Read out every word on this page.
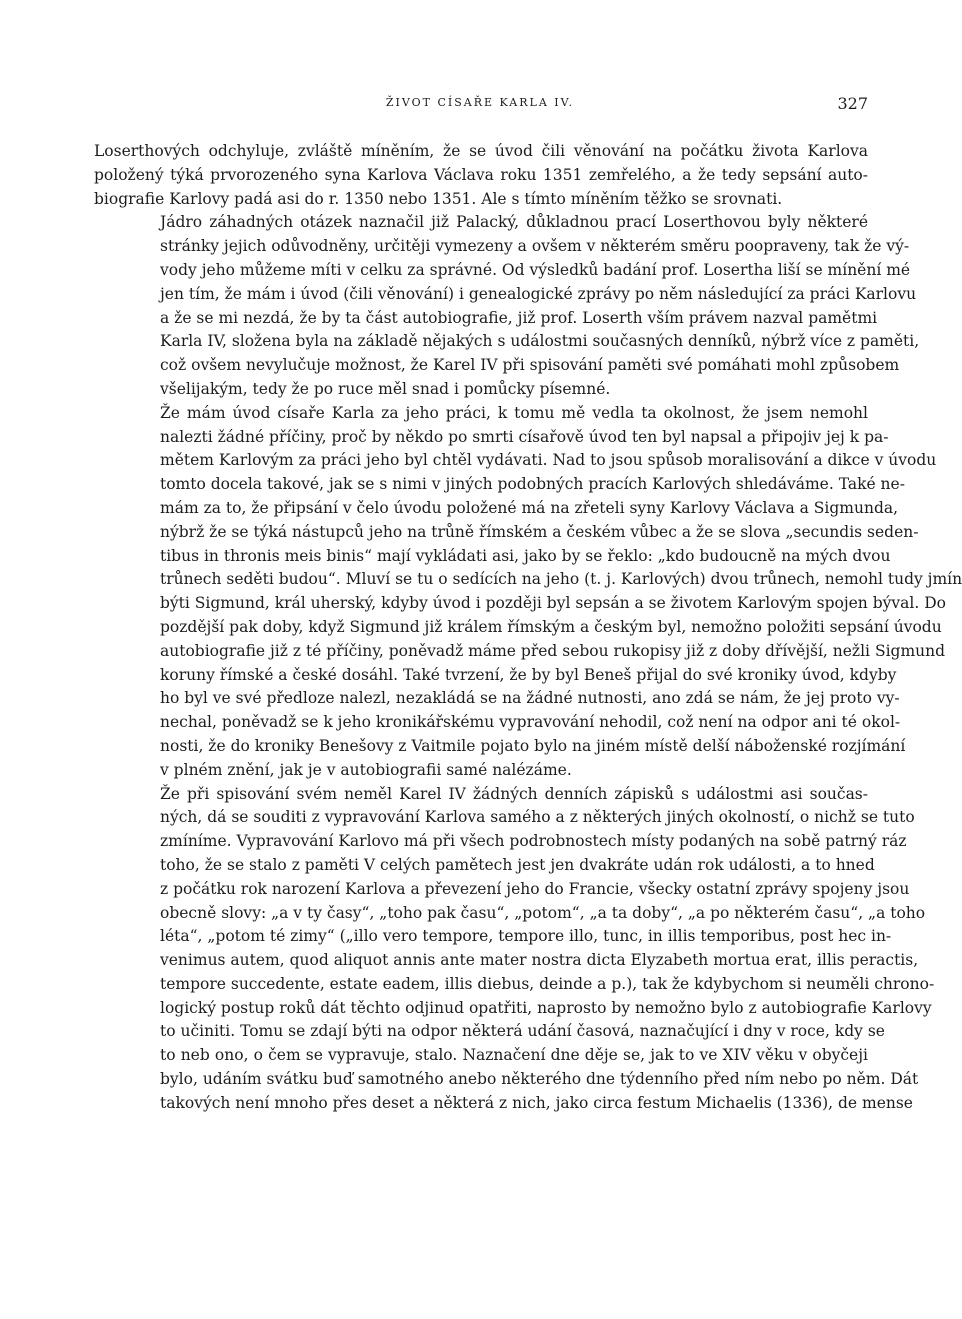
ŽIVOT CÍSAŘE KARLA IV.	327

Loserthových odchyluje, zvláště míněním, že se úvod čili věnování na počátku života Karlova
položený týká prvorozeného syna Karlova Václava roku 1351 zemřelého, a že tedy sepsání auto-
biografie Karlovy padá asi do r. 1350 nebo 1351. Ale s tímto míněním těžko se srovnati.

Jádro záhadných otázek naznačil již Palacký, důkladnou prací Loserthovou byly některé
stránky jejich odůvodněny, určitěji vymezeny a ovšem v některém směru poopraveny, tak že vý-
vody jeho můžeme míti v celku za správné. Od výsledků badání prof. Losertha liší se mínění mé
jen tím, že mám i úvod (čili věnování) i genealogické zprávy po něm následující za práci Karlovu
a že se mi nezdá, že by ta část autobiografie, již prof. Loserth vším právem nazval pamětmi
Karla IV, složena byla na základě nějakých s událostmi současných denníků, nýbrž více z paměti,
což ovšem nevylučuje možnost, že Karel IV při spisování paměti své pomáhati mohl způsobem
všelijakým, tedy že po ruce měl snad i pomůcky písemné.

Že mám úvod císaře Karla za jeho práci, k tomu mě vedla ta okolnost, že jsem nemohl
nalezti žádné příčiny, proč by někdo po smrti císařově úvod ten byl napsal a připojiv jej k pa-
mětem Karlovým za práci jeho byl chtěl vydávati. Nad to jsou spůsob moralisování a dikce v úvodu
tomto docela takové, jak se s nimi v jiných podobných pracích Karlových shledáváme. Také ne-
mám za to, že připsání v čelo úvodu položené má na zřeteli syny Karlovy Václava a Sigmunda,
nýbrž že se týká nástupců jeho na trůně římském a českém vůbec a že se slova „secundis seden-
tibus in thronis meis binis“ mají vykládati asi, jako by se řeklo: „kdo budoucně na mých dvou
trůnech seděti budou“. Mluví se tu o sedících na jeho (t. j. Karlových) dvou trůnech, nemohl tudy jmín
býti Sigmund, král uherský, kdyby úvod i později byl sepsán a se životem Karlovým spojen býval. Do
pozdější pak doby, když Sigmund již králem římským a českým byl, nemožno položiti sepsání úvodu
autobiografie již z té příčiny, poněvadž máme před sebou rukopisy již z doby dřívější, nežli Sigmund
koruny římské a české dosáhl. Také tvrzení, že by byl Beneš přijal do své kroniky úvod, kdyby
ho byl ve své předloze nalezl, nezakládá se na žádné nutnosti, ano zdá se nám, že jej proto vy-
nechal, poněvadž se k jeho kronikářskému vypravování nehodil, což není na odpor ani té okol-
nosti, že do kroniky Benešovy z Vaitmile pojato bylo na jiném místě delší náboženské rozjímání
v plném znění, jak je v autobiografii samé nalézáme.

Že při spisování svém neměl Karel IV žádných denních zápisků s událostmi asi součas-
ných, dá se souditi z vypravování Karlova samého a z některých jiných okolností, o nichž se tuto
zmíníme. Vypravování Karlovo má při všech podrobnostech místy podaných na sobě patrný ráz
toho, že se stalo z paměti V celých pamětech jest jen dvakráte udán rok události, a to hned
z počátku rok narození Karlova a převezení jeho do Francie, všecky ostatní zprávy spojeny jsou
obecně slovy: „a v ty časy“, „toho pak času“, „potom“, „a ta doby“, „a po některém času“, „a toho
léta“, „potom té zimy“ („illo vero tempore, tempore illo, tunc, in illis temporibus, post hec in-
venimus autem, quod aliquot annis ante mater nostra dicta Elyzabeth mortua erat, illis peractis,
tempore succedente, estate eadem, illis diebus, deinde a p.), tak že kdybychom si neuměli chrono-
logický postup roků dát těchto odjinud opatřiti, naprosto by nemožno bylo z autobiografie Karlovy
to učiniti. Tomu se zdají býti na odpor některá udání časová, naznačující i dny v roce, kdy se
to neb ono, o čem se vypravuje, stalo. Naznačení dne děje se, jak to ve XIV věku v obyčeji
bylo, udáním svátku buď samotného anebo některého dne týdenního před ním nebo po něm. Dát
takových není mnoho přes deset a některá z nich, jako circa festum Michaelis (1336), de mense
